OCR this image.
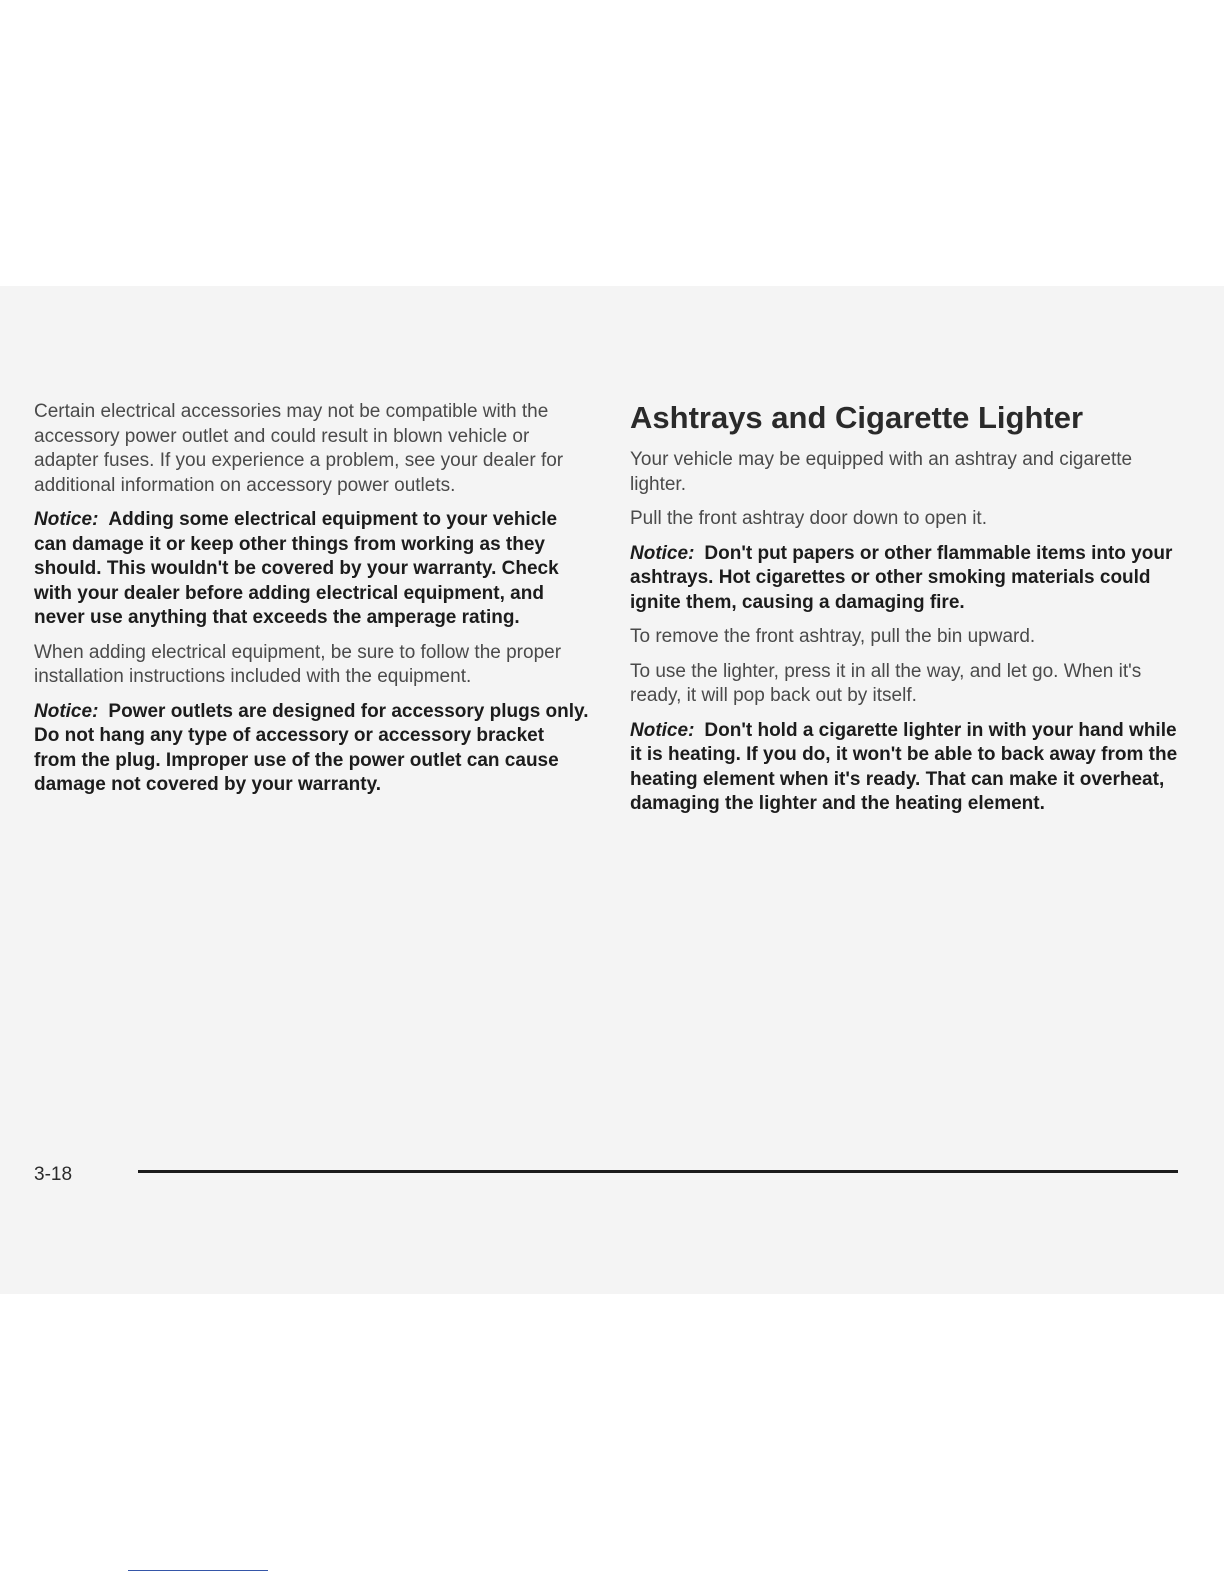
Certain electrical accessories may not be compatible with the accessory power outlet and could result in blown vehicle or adapter fuses. If you experience a problem, see your dealer for additional information on accessory power outlets.

Notice: Adding some electrical equipment to your vehicle can damage it or keep other things from working as they should. This wouldn't be covered by your warranty. Check with your dealer before adding electrical equipment, and never use anything that exceeds the amperage rating.

When adding electrical equipment, be sure to follow the proper installation instructions included with the equipment.

Notice: Power outlets are designed for accessory plugs only. Do not hang any type of accessory or accessory bracket from the plug. Improper use of the power outlet can cause damage not covered by your warranty.

Ashtrays and Cigarette Lighter

Your vehicle may be equipped with an ashtray and cigarette lighter.

Pull the front ashtray door down to open it.

Notice: Don't put papers or other flammable items into your ashtrays. Hot cigarettes or other smoking materials could ignite them, causing a damaging fire.

To remove the front ashtray, pull the bin upward.

To use the lighter, press it in all the way, and let go. When it's ready, it will pop back out by itself.

Notice: Don't hold a cigarette lighter in with your hand while it is heating. If you do, it won't be able to back away from the heating element when it's ready. That can make it overheat, damaging the lighter and the heating element.

3-18
